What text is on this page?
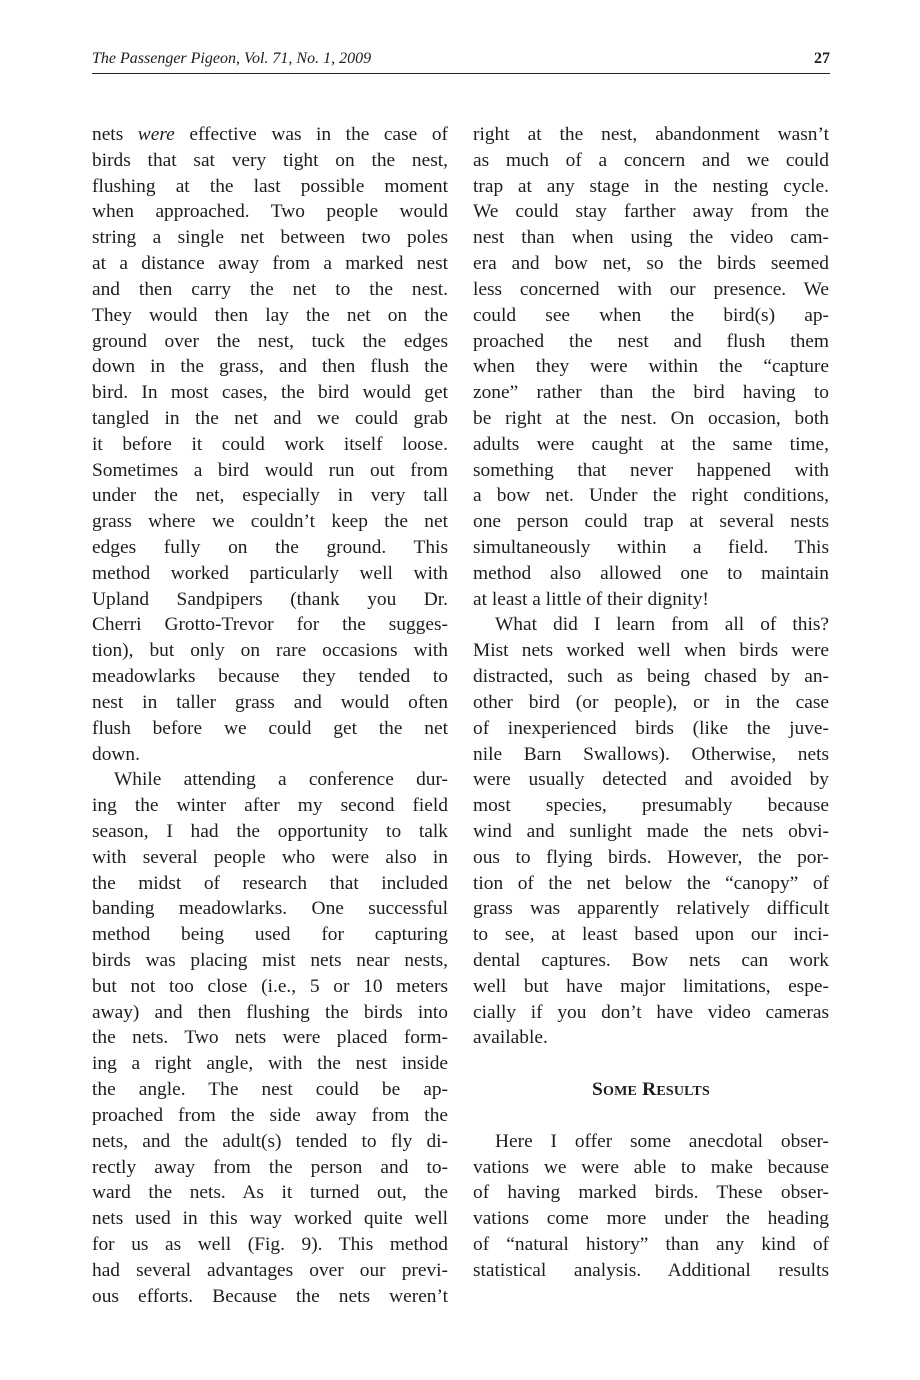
The Passenger Pigeon, Vol. 71, No. 1, 2009	27
nets were effective was in the case of
birds that sat very tight on the nest,
flushing at the last possible moment
when approached. Two people would
string a single net between two poles
at a distance away from a marked nest
and then carry the net to the nest.
They would then lay the net on the
ground over the nest, tuck the edges
down in the grass, and then flush the
bird. In most cases, the bird would get
tangled in the net and we could grab
it before it could work itself loose.
Sometimes a bird would run out from
under the net, especially in very tall
grass where we couldn’t keep the net
edges fully on the ground. This
method worked particularly well with
Upland Sandpipers (thank you Dr.
Cherri Grotto-Trevor for the sugges-
tion), but only on rare occasions with
meadowlarks because they tended to
nest in taller grass and would often
flush before we could get the net
down.
While attending a conference dur-
ing the winter after my second field
season, I had the opportunity to talk
with several people who were also in
the midst of research that included
banding meadowlarks. One successful
method being used for capturing
birds was placing mist nets near nests,
but not too close (i.e., 5 or 10 meters
away) and then flushing the birds into
the nets. Two nets were placed form-
ing a right angle, with the nest inside
the angle. The nest could be ap-
proached from the side away from the
nets, and the adult(s) tended to fly di-
rectly away from the person and to-
ward the nets. As it turned out, the
nets used in this way worked quite well
for us as well (Fig. 9). This method
had several advantages over our previ-
ous efforts. Because the nets weren’t
right at the nest, abandonment wasn’t
as much of a concern and we could
trap at any stage in the nesting cycle.
We could stay farther away from the
nest than when using the video cam-
era and bow net, so the birds seemed
less concerned with our presence. We
could see when the bird(s) ap-
proached the nest and flush them
when they were within the “capture
zone” rather than the bird having to
be right at the nest. On occasion, both
adults were caught at the same time,
something that never happened with
a bow net. Under the right conditions,
one person could trap at several nests
simultaneously within a field. This
method also allowed one to maintain
at least a little of their dignity!
What did I learn from all of this?
Mist nets worked well when birds were
distracted, such as being chased by an-
other bird (or people), or in the case
of inexperienced birds (like the juve-
nile Barn Swallows). Otherwise, nets
were usually detected and avoided by
most species, presumably because
wind and sunlight made the nets obvi-
ous to flying birds. However, the por-
tion of the net below the “canopy” of
grass was apparently relatively difficult
to see, at least based upon our inci-
dental captures. Bow nets can work
well but have major limitations, espe-
cially if you don’t have video cameras
available.
Some Results
Here I offer some anecdotal obser-
vations we were able to make because
of having marked birds. These obser-
vations come more under the heading
of “natural history” than any kind of
statistical analysis. Additional results
